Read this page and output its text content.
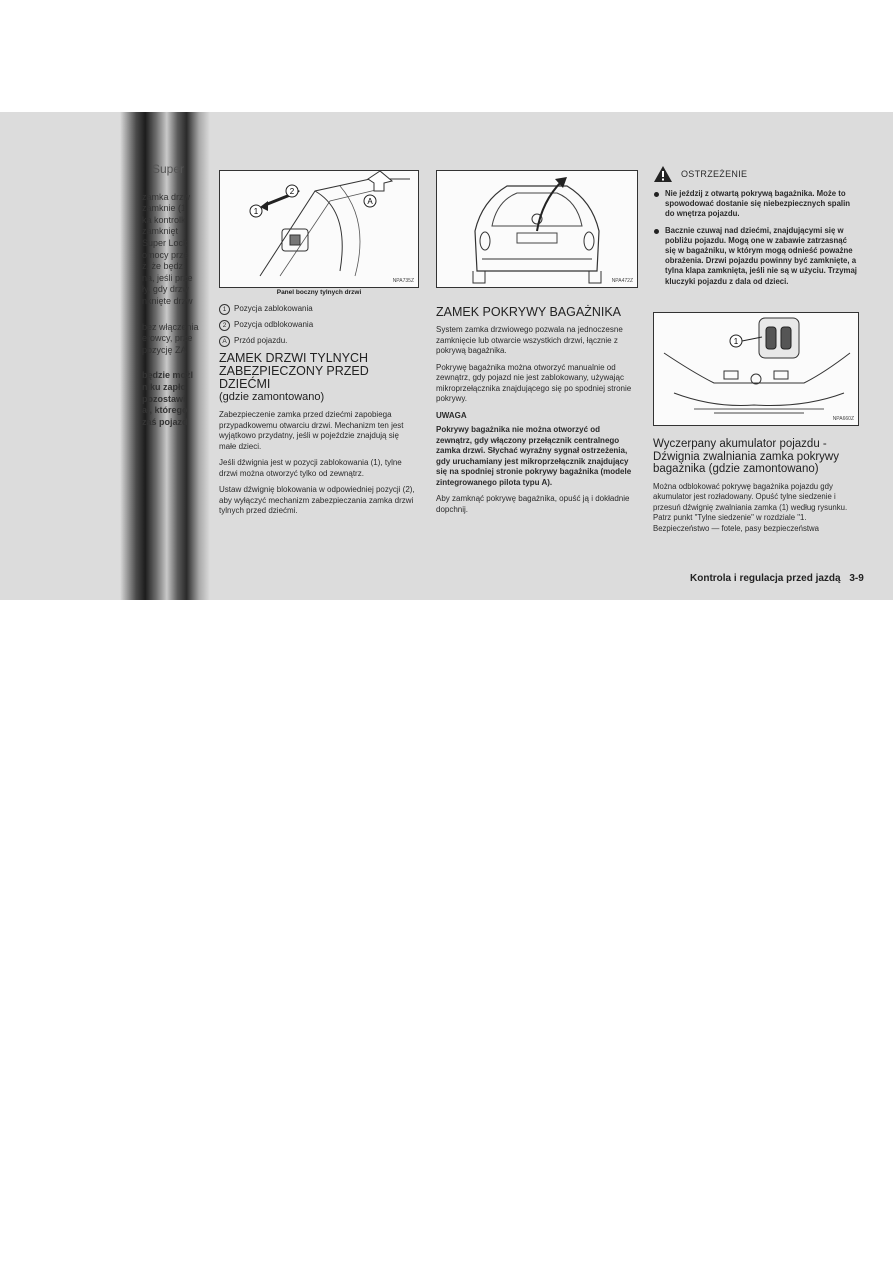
Super
zamka drzw
zamknie (1
ka kontrolk
zamknięt
Super Lock
omocy prze
ż, że będz
na, jeśli prze
ły, gdy drzw
nknięte drzw
bez włączenia
erowcy, prze
pozycję ZA
będzie możl
niku zapło
pozostawi
ał, którego
zaś pojazd
1
2
A
NPA735Z
Panel boczny tylnych drzwi
1 Pozycja zablokowania
2 Pozycja odblokowania
A Przód pojazdu.
ZAMEK DRZWI TYLNYCH ZABEZPIECZONY PRZED DZIEĆMI
(gdzie zamontowano)

Zabezpieczenie zamka przed dziećmi zapobiega przypadkowemu otwarciu drzwi. Mechanizm ten jest wyjątkowo przydatny, jeśli w pojeździe znajdują się małe dzieci.

Jeśli dźwignia jest w pozycji zablokowania (1), tylne drzwi można otworzyć tylko od zewnątrz.

Ustaw dźwignię blokowania w odpowiedniej pozycji (2), aby wyłączyć mechanizm zabezpieczania zamka drzwi tylnych przed dziećmi.

NPA472Z
ZAMEK POKRYWY BAGAŻNIKA

System zamka drzwiowego pozwala na jednoczesne zamknięcie lub otwarcie wszystkich drzwi, łącznie z pokrywą bagażnika.

Pokrywę bagażnika można otworzyć manualnie od zewnątrz, gdy pojazd nie jest zablokowany, używając mikroprzełącznika znajdującego się po spodniej stronie pokrywy.

UWAGA

Pokrywy bagażnika nie można otworzyć od zewnątrz, gdy włączony przełącznik centralnego zamka drzwi. Słychać wyraźny sygnał ostrzeżenia, gdy uruchamiany jest mikroprzełącznik znajdujący się na spodniej stronie pokrywy bagażnika (modele zintegrowanego pilota typu A).

Aby zamknąć pokrywę bagażnika, opuść ją i dokładnie dopchnij.

OSTRZEŻENIE
Nie jeździj z otwartą pokrywą bagażnika. Może to spowodować dostanie się niebezpiecznych spalin do wnętrza pojazdu.
Bacznie czuwaj nad dziećmi, znajdującymi się w pobliżu pojazdu. Mogą one w zabawie zatrzasnąć się w bagażniku, w którym mogą odnieść poważne obrażenia. Drzwi pojazdu powinny być zamknięte, a tylna klapa zamknięta, jeśli nie są w użyciu. Trzymaj kluczyki pojazdu z dala od dzieci.
1
NPA660Z
Wyczerpany akumulator pojazdu - Dźwignia zwalniania zamka pokrywy bagażnika (gdzie zamontowano)

Można odblokować pokrywę bagażnika pojazdu gdy akumulator jest rozładowany. Opuść tylne siedzenie i przesuń dźwignię zwalniania zamka (1) według rysunku. Patrz punkt "Tylne siedzenie" w rozdziale "1. Bezpieczeństwo — fotele, pasy bezpieczeństwa

Kontrola i regulacja przed jazdą 3-9
